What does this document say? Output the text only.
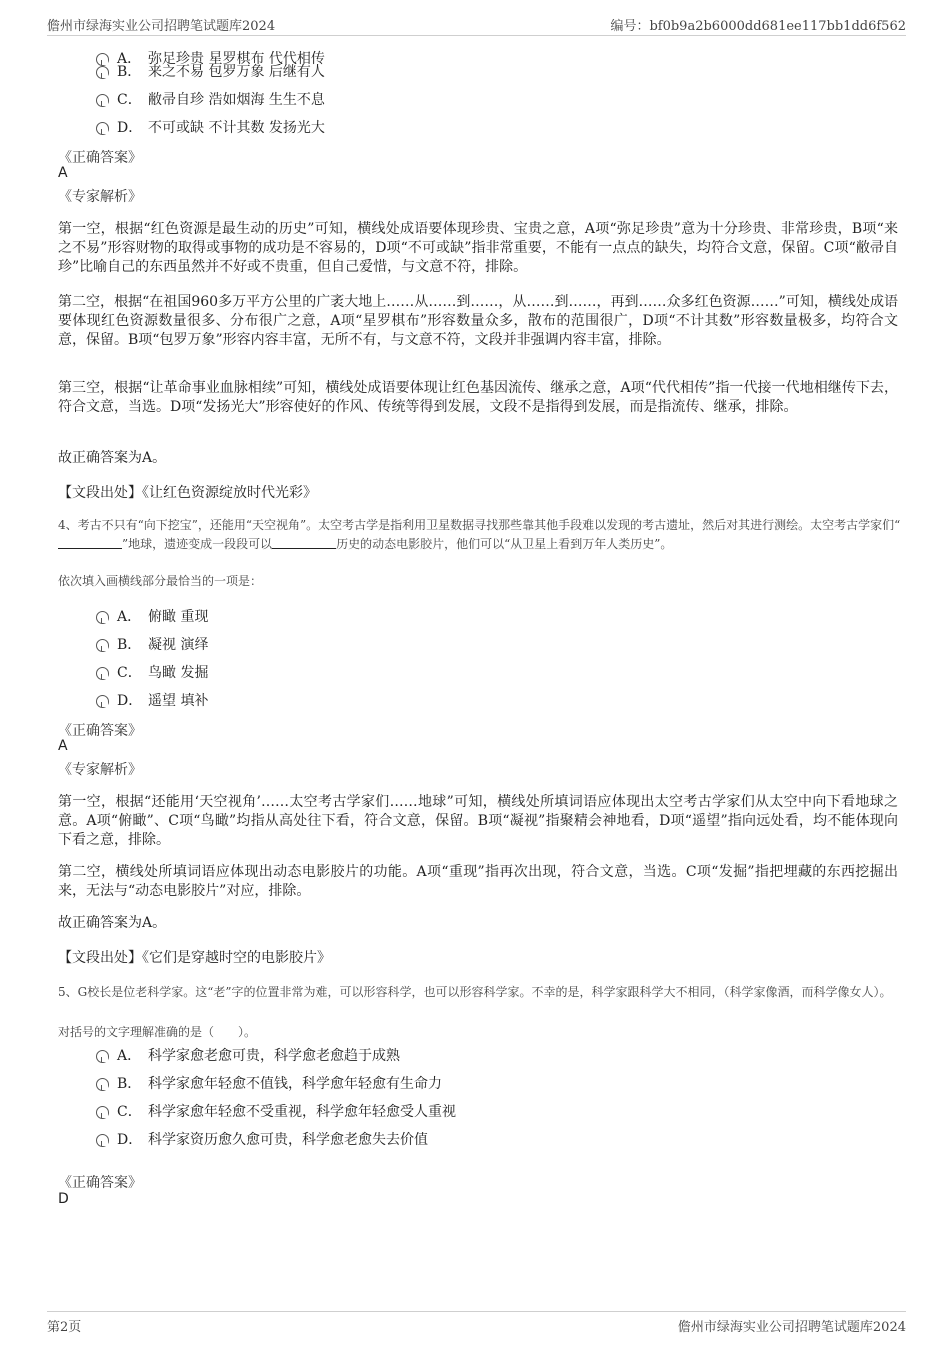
儋州市绿海实业公司招聘笔试题库2024	编号：bf0b9a2b6000dd681ee117bb1dd6f562
A． 弥足珍贵 星罗棋布 代代相传
B． 来之不易 包罗万象 后继有人
C． 敝帚自珍 浩如烟海 生生不息
D． 不可或缺 不计其数 发扬光大
《正确答案》
A
《专家解析》
第一空，根据“红色资源是最生动的历史”可知，横线处成语要体现珍贵、宝贵之意，A项“弥足珍贵”意为十分珍贵、非常珍贵，B项“来之不易”形容财物的取得或事物的成功是不容易的，D项“不可或缺”指非常重要，不能有一点点的缺失，均符合文意，保留。C项“敝帚自珍”比喻自己的东西虽然并不好或不贵重，但自己爱惜，与文意不符，排除。
第二空，根据“在祖国960多万平方公里的广袤大地上……从……到……，从……到……，再到……众多红色资源……”可知，横线处成语要体现红色资源数量很多、分布很广之意，A项“星罗棋布”形容数量众多，散布的范围很广，D项“不计其数”形容数量极多，均符合文意，保留。B项“包罗万象”形容内容丰富，无所不有，与文意不符，文段并非强调内容丰富，排除。
第三空，根据“让革命事业血脉相续”可知，横线处成语要体现让红色基因流传、继承之意，A项“代代相传”指一代接一代地相继传下去，符合文意，当选。D项“发扬光大”形容使好的作风、传统等得到发展，文段不是指得到发展，而是指流传、继承，排除。
故正确答案为A。
【文段出处】《让红色资源绽放时代光彩》
4、考古不只有“向下挖宝”，还能用“天空视角”。太空考古学是指利用卫星数据寻找那些靠其他手段难以发现的考古遗址，然后对其进行测绘。太空考古学家们“”地球，遗迹变成一段段可以	历史的动态电影胶片，他们可以“从卫星上看到万年人类历史”。
依次填入画横线部分最恰当的一项是：
A． 俯瞰 重现
B． 凝视 演绎
C． 鸟瞰 发掘
D． 遥望 填补
《正确答案》
A
《专家解析》
第一空，根据“还能用‘天空视角’……太空考古学家们……地球”可知，横线处所填词语应体现出太空考古学家们从太空中向下看地球之意。A项“俯瞰”、C项“鸟瞰”均指从高处往下看，符合文意，保留。B项“凝视”指聚精会神地看，D项“遥望”指向远处看，均不能体现向下看之意，排除。
第二空，横线处所填词语应体现出动态电影胶片的功能。A项“重现”指再次出现，符合文意，当选。C项“发掘”指把埋藏的东西挖掘出来，无法与“动态电影胶片”对应，排除。
故正确答案为A。
【文段出处】《它们是穿越时空的电影胶片》
5、G校长是位老科学家。这“老”字的位置非常为难，可以形容科学，也可以形容科学家。不幸的是，科学家跟科学大不相同，（科学家像酒，而科学像女人）。
对括号的文字理解准确的是（　　）。
A． 科学家愈老愈可贵，科学愈老愈趋于成熟
B． 科学家愈年轻愈不值钱，科学愈年轻愈有生命力
C． 科学家愈年轻愈不受重视，科学愈年轻愈受人重视
D． 科学家资历愈久愈可贵，科学愈老愈失去价值
《正确答案》
D
第2页	儋州市绿海实业公司招聘笔试题库2024
